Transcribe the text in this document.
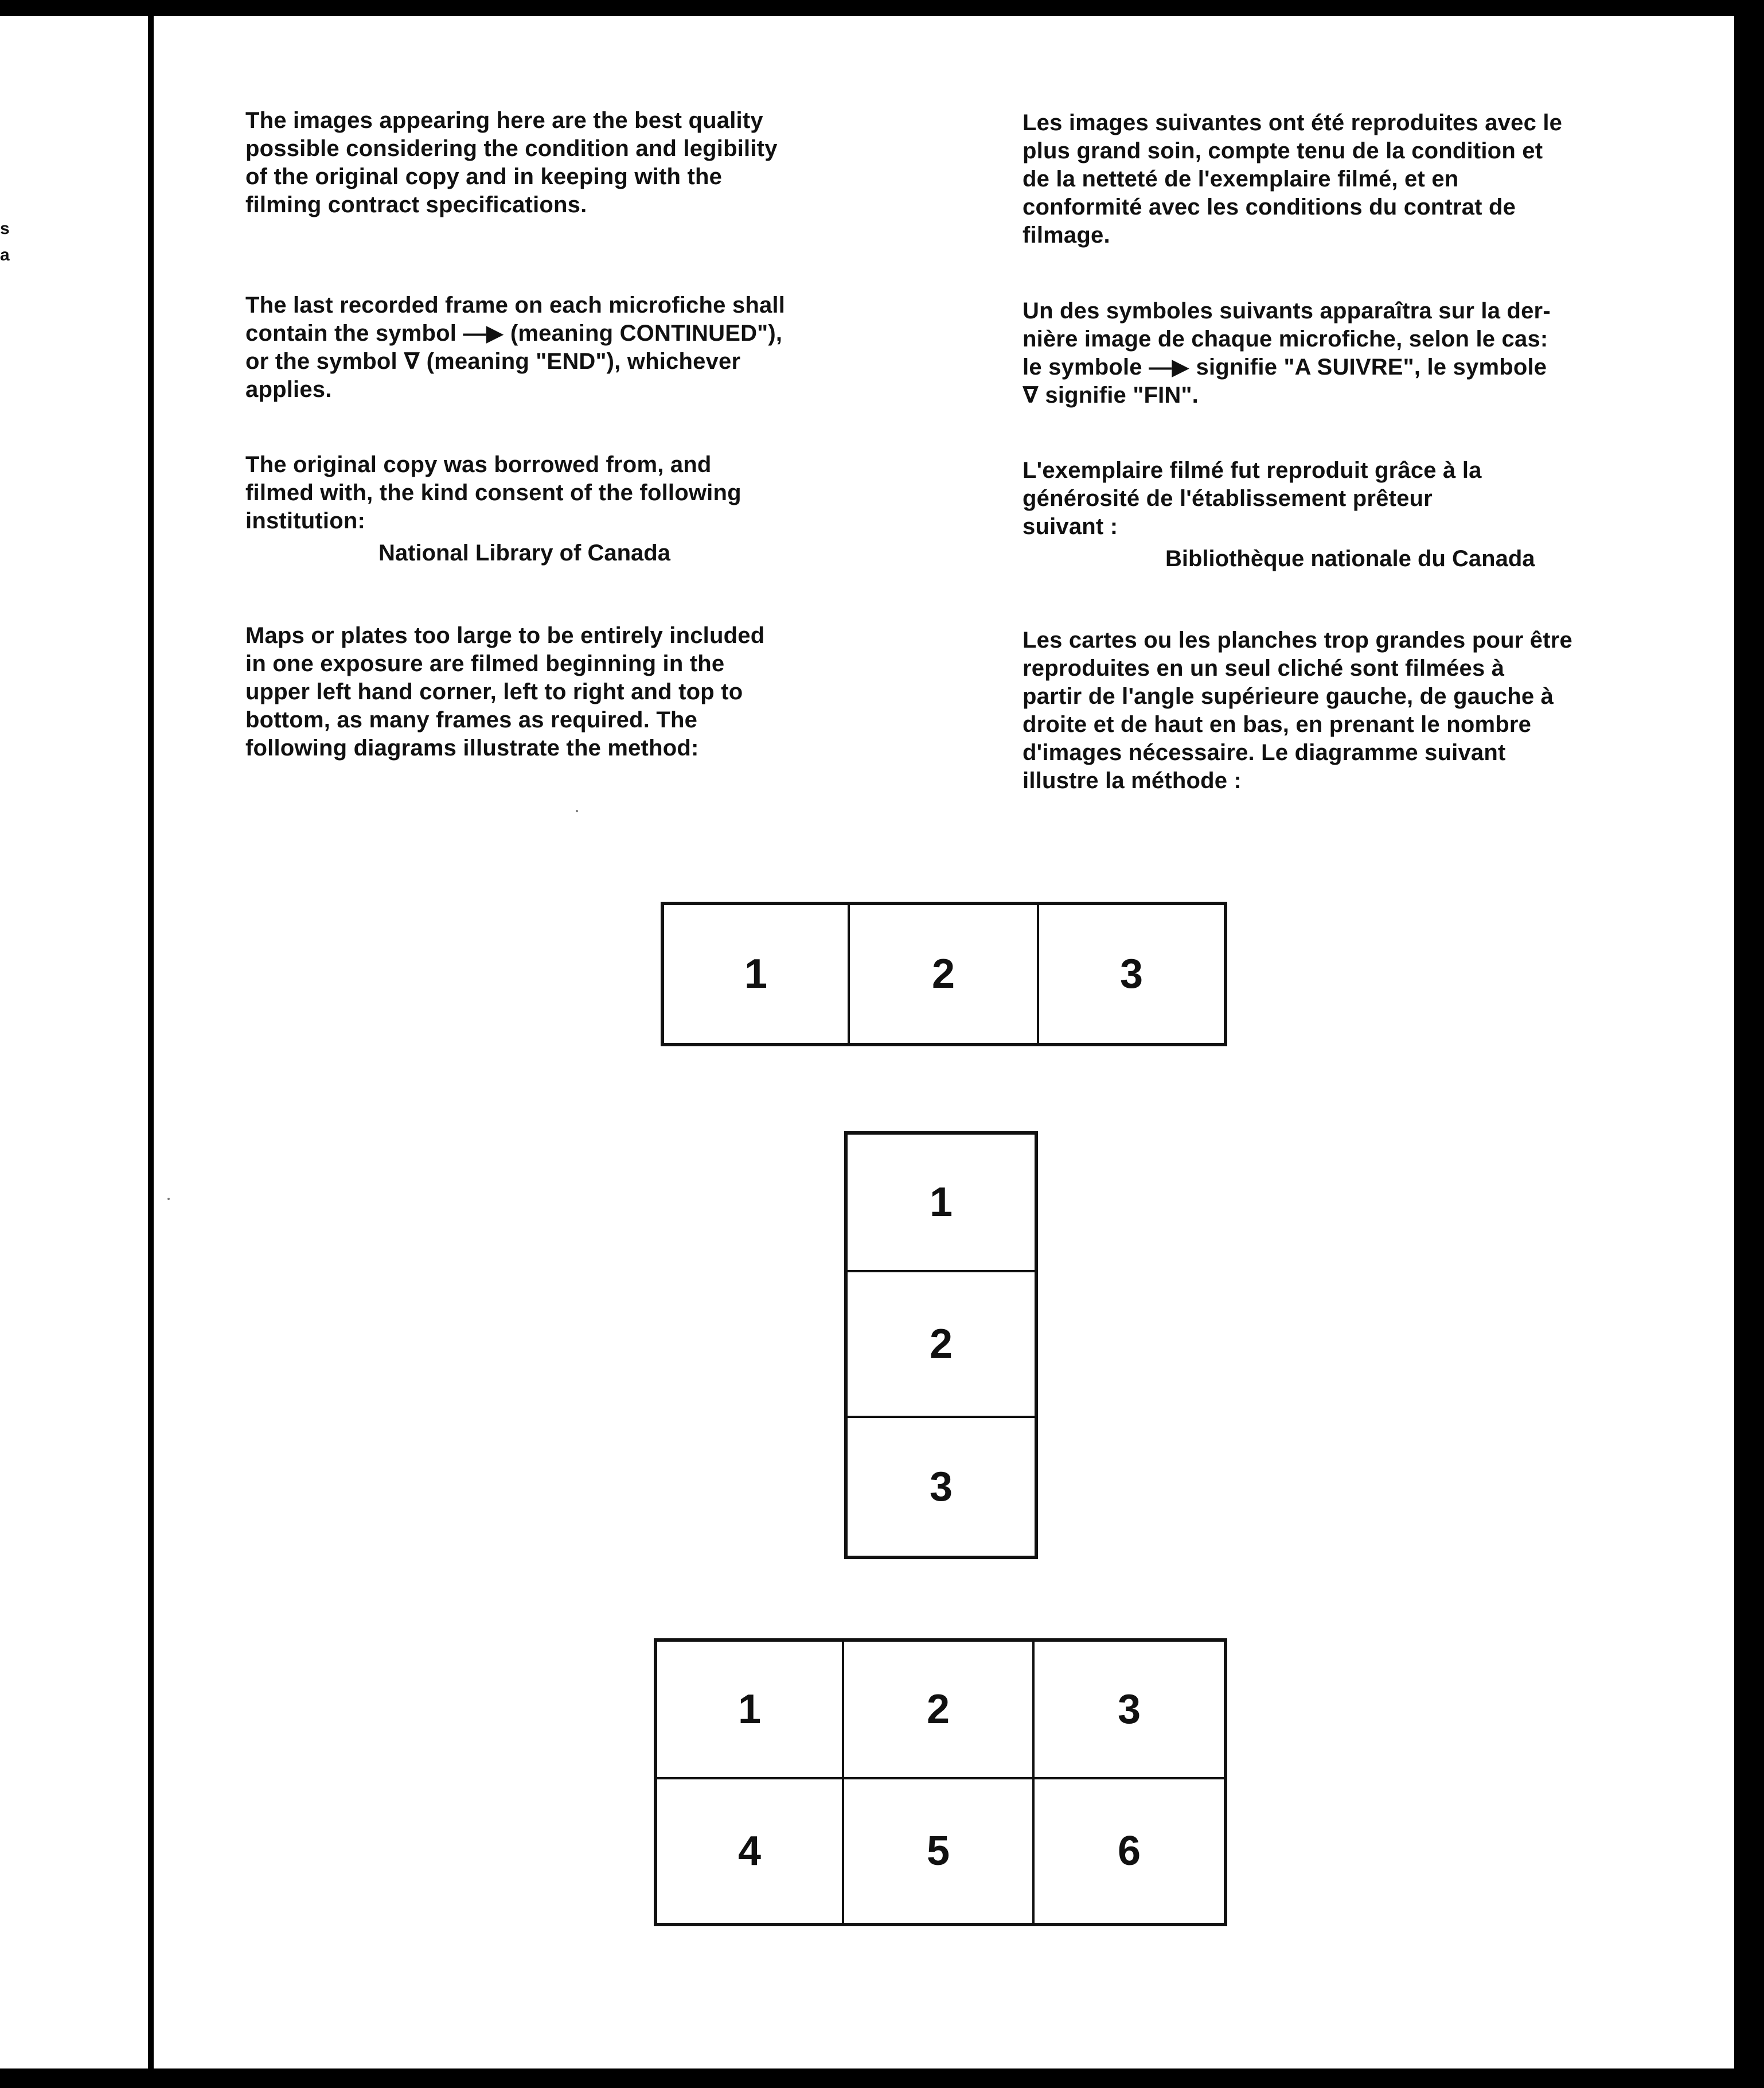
s
a

The images appearing here are the best quality
possible considering the condition and legibility
of the original copy and in keeping with the
filming contract specifications.

The last recorded frame on each microfiche shall
contain the symbol —▶ (meaning CONTINUED"),
or the symbol ∇ (meaning "END"), whichever
applies.

The original copy was borrowed from, and
filmed with, the kind consent of the following
institution:

National Library of Canada

Maps or plates too large to be entirely included
in one exposure are filmed beginning in the
upper left hand corner, left to right and top to
bottom, as many frames as required. The
following diagrams illustrate the method:

Les images suivantes ont été reproduites avec le
plus grand soin, compte tenu de la condition et
de la netteté de l'exemplaire filmé, et en
conformité avec les conditions du contrat de
filmage.

Un des symboles suivants apparaîtra sur la der-
nière image de chaque microfiche, selon le cas:
le symbole —▶ signifie "A SUIVRE", le symbole
∇ signifie "FIN".

L'exemplaire filmé fut reproduit grâce à la
générosité de l'établissement prêteur
suivant :

Bibliothèque nationale du Canada

Les cartes ou les planches trop grandes pour être
reproduites en un seul cliché sont filmées à
partir de l'angle supérieure gauche, de gauche à
droite et de haut en bas, en prenant le nombre
d'images nécessaire. Le diagramme suivant
illustre la méthode :

1	2	3
1
2
3
1	2	3
4	5	6
